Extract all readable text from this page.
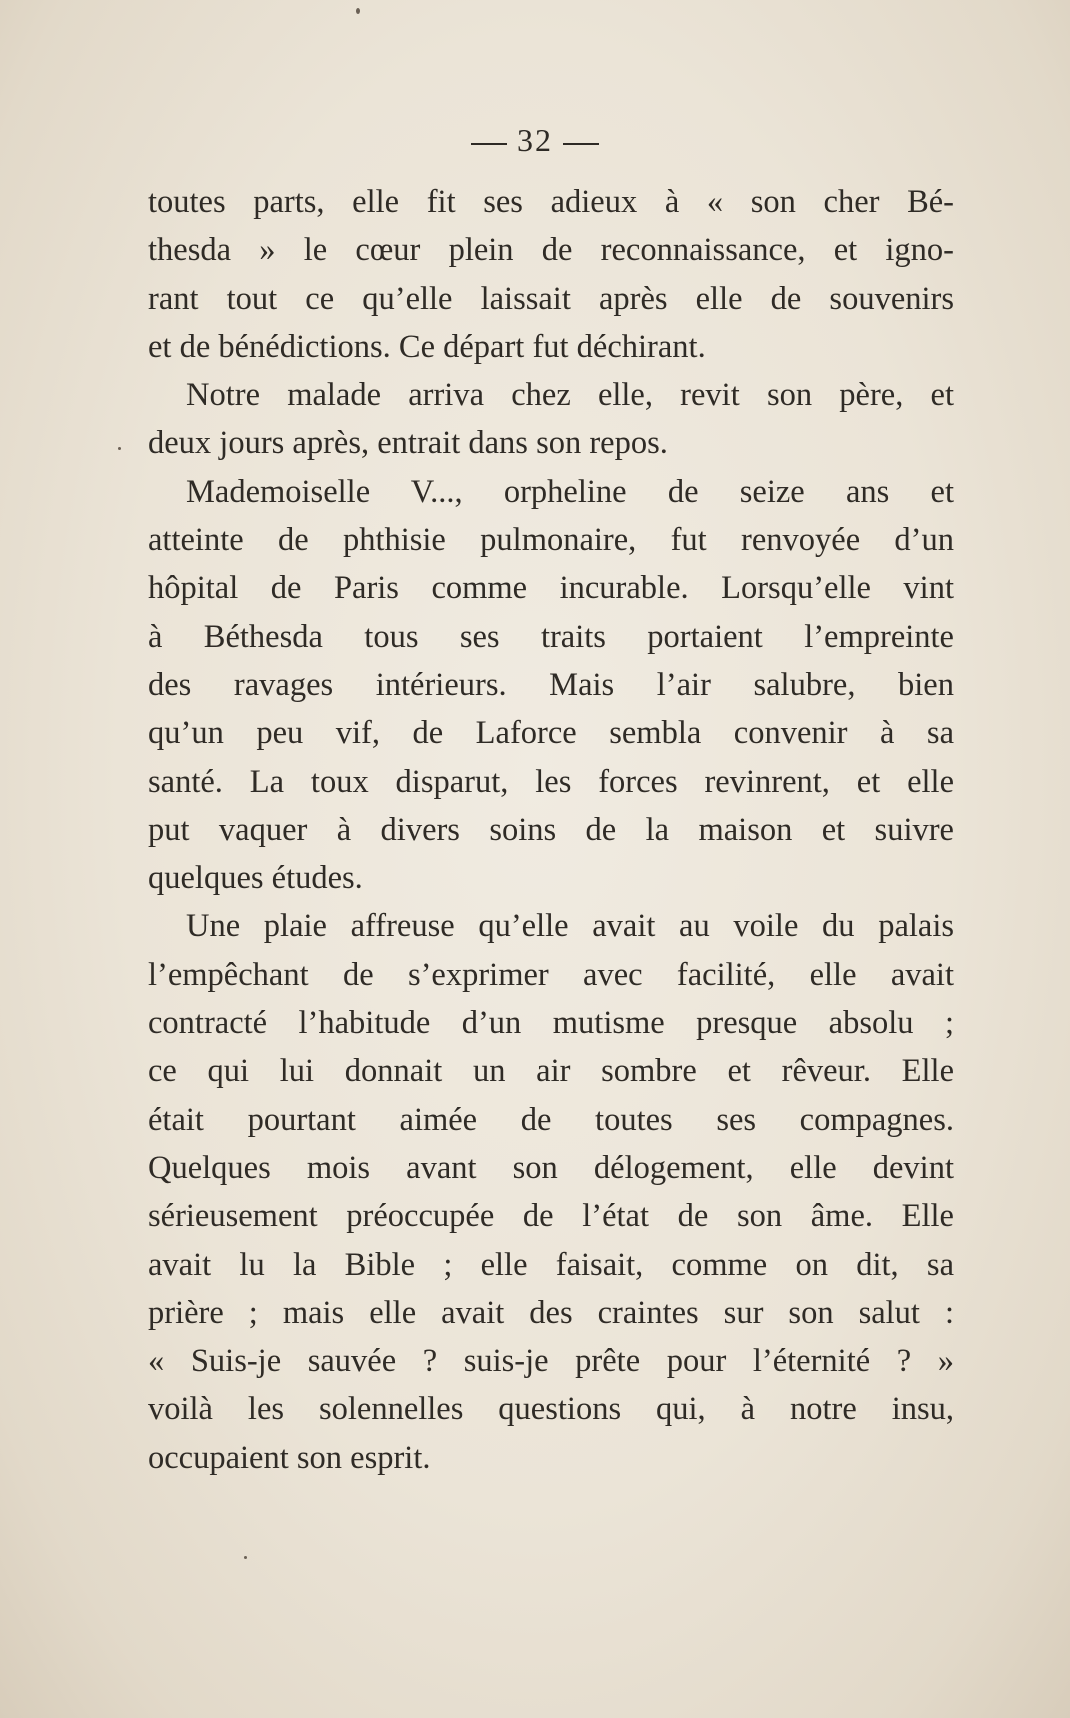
32
toutes parts, elle fit ses adieux à « son cher Bé-
thesda » le cœur plein de reconnaissance, et igno-
rant tout ce qu’elle laissait après elle de souvenirs
et de bénédictions. Ce départ fut déchirant.
Notre malade arriva chez elle, revit son père, et
deux jours après, entrait dans son repos.
Mademoiselle V..., orpheline de seize ans et
atteinte de phthisie pulmonaire, fut renvoyée d’un
hôpital de Paris comme incurable. Lorsqu’elle vint
à Béthesda tous ses traits portaient l’empreinte
des ravages intérieurs. Mais l’air salubre, bien
qu’un peu vif, de Laforce sembla convenir à sa
santé. La toux disparut, les forces revinrent, et elle
put vaquer à divers soins de la maison et suivre
quelques études.
Une plaie affreuse qu’elle avait au voile du palais
l’empêchant de s’exprimer avec facilité, elle avait
contracté l’habitude d’un mutisme presque absolu ;
ce qui lui donnait un air sombre et rêveur. Elle
était pourtant aimée de toutes ses compagnes.
Quelques mois avant son délogement, elle devint
sérieusement préoccupée de l’état de son âme. Elle
avait lu la Bible ; elle faisait, comme on dit, sa
prière ; mais elle avait des craintes sur son salut :
« Suis-je sauvée ? suis-je prête pour l’éternité ? »
voilà les solennelles questions qui, à notre insu,
occupaient son esprit.
